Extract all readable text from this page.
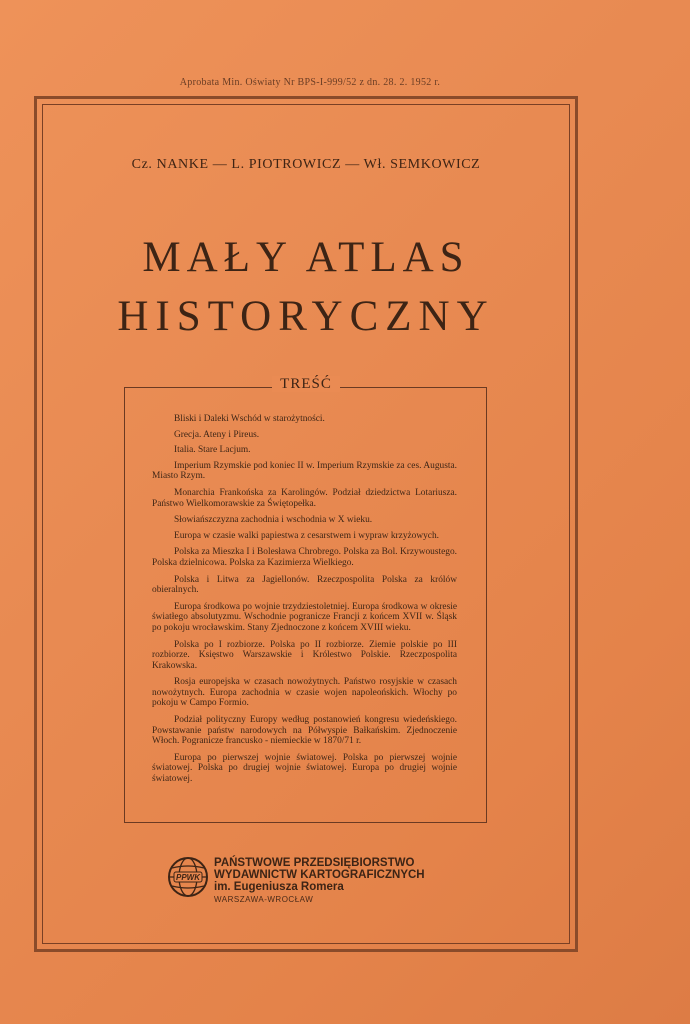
Aprobata Min. Oświaty Nr BPS-I-999/52 z dn. 28. 2. 1952 r.
Cz. NANKE — L. PIOTROWICZ — Wł. SEMKOWICZ
MAŁY ATLAS
HISTORYCZNY
TREŚĆ

Bliski i Daleki Wschód w starożytności.

Grecja. Ateny i Pireus.

Italia. Stare Lacjum.

Imperium Rzymskie pod koniec II w. Imperium Rzymskie za ces. Augusta. Miasto Rzym.

Monarchia Frankońska za Karolingów. Podział dziedzictwa Lotariusza. Państwo Wielkomorawskie za Świętopełka.

Słowiańszczyzna zachodnia i wschodnia w X wieku.

Europa w czasie walki papiestwa z cesarstwem i wypraw krzyżowych.

Polska za Mieszka I i Bolesława Chrobrego. Polska za Bol. Krzywoustego. Polska dzielnicowa. Polska za Kazimierza Wielkiego.

Polska i Litwa za Jagiellonów. Rzeczpospolita Polska za królów obieralnych.

Europa środkowa po wojnie trzydziestoletniej. Europa środkowa w okresie światłego absolutyzmu. Wschodnie pogranicze Francji z końcem XVII w. Śląsk po pokoju wrocławskim. Stany Zjednoczone z końcem XVIII wieku.

Polska po I rozbiorze. Polska po II rozbiorze. Ziemie polskie po III rozbiorze. Księstwo Warszawskie i Królestwo Polskie. Rzeczpospolita Krakowska.

Rosja europejska w czasach nowożytnych. Państwo rosyjskie w czasach nowożytnych. Europa zachodnia w czasie wojen napoleońskich. Włochy po pokoju w Campo Formio.

Podział polityczny Europy według postanowień kongresu wiedeńskiego. Powstawanie państw narodowych na Półwyspie Bałkańskim. Zjednoczenie Włoch. Pogranicze francusko - niemieckie w 1870/71 r.

Europa po pierwszej wojnie światowej. Polska po pierwszej wojnie światowej. Polska po drugiej wojnie światowej. Europa po drugiej wojnie światowej.

PPWK
PAŃSTWOWE PRZEDSIĘBIORSTWO
WYDAWNICTW KARTOGRAFICZNYCH
im. Eugeniusza Romera
WARSZAWA-WROCŁAW
